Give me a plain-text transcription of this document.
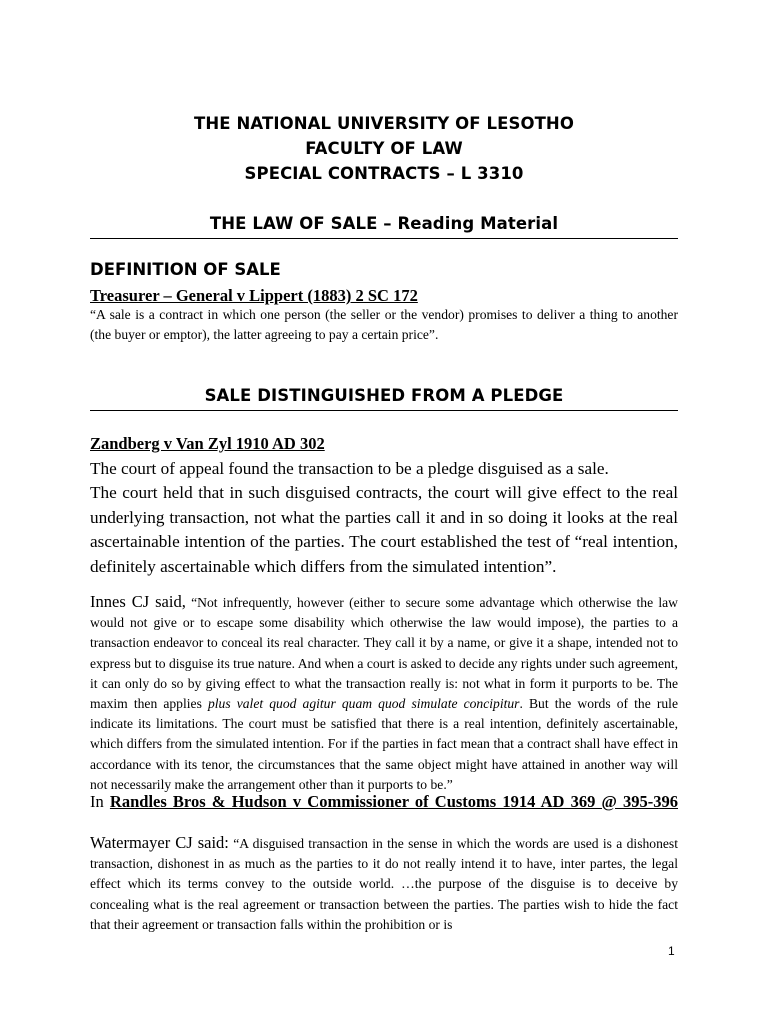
THE NATIONAL UNIVERSITY OF LESOTHO
FACULTY OF LAW
SPECIAL CONTRACTS – L 3310
THE LAW OF SALE – Reading Material
DEFINITION OF SALE
Treasurer – General v Lippert (1883) 2 SC 172
“A sale is a contract in which one person (the seller or the vendor) promises to deliver a thing to another (the buyer or emptor), the latter agreeing to pay a certain price”.
SALE DISTINGUISHED FROM A PLEDGE
Zandberg v Van Zyl 1910 AD 302

The court of appeal found the transaction to be a pledge disguised as a sale.

The court held that in such disguised contracts, the court will give effect to the real underlying transaction, not what the parties call it and in so doing it looks at the real ascertainable intention of the parties. The court established the test of “real intention, definitely ascertainable which differs from the simulated intention”.

Innes CJ said, “Not infrequently, however (either to secure some advantage which otherwise the law would not give or to escape some disability which otherwise the law would impose), the parties to a transaction endeavor to conceal its real character. They call it by a name, or give it a shape, intended not to express but to disguise its true nature. And when a court is asked to decide any rights under such agreement, it can only do so by giving effect to what the transaction really is: not what in form it purports to be. The maxim then applies plus valet quod agitur quam quod simulate concipitur. But the words of the rule indicate its limitations. The court must be satisfied that there is a real intention, definitely ascertainable, which differs from the simulated intention. For if the parties in fact mean that a contract shall have effect in accordance with its tenor, the circumstances that the same object might have attained in another way will not necessarily make the arrangement other than it purports to be.”
In Randles Bros & Hudson v Commissioner of Customs 1914 AD 369 @ 395-396
Watermayer CJ said: “A disguised transaction in the sense in which the words are used is a dishonest transaction, dishonest in as much as the parties to it do not really intend it to have, inter partes, the legal effect which its terms convey to the outside world. …the purpose of the disguise is to deceive by concealing what is the real agreement or transaction between the parties. The parties wish to hide the fact that their agreement or transaction falls within the prohibition or is
1
